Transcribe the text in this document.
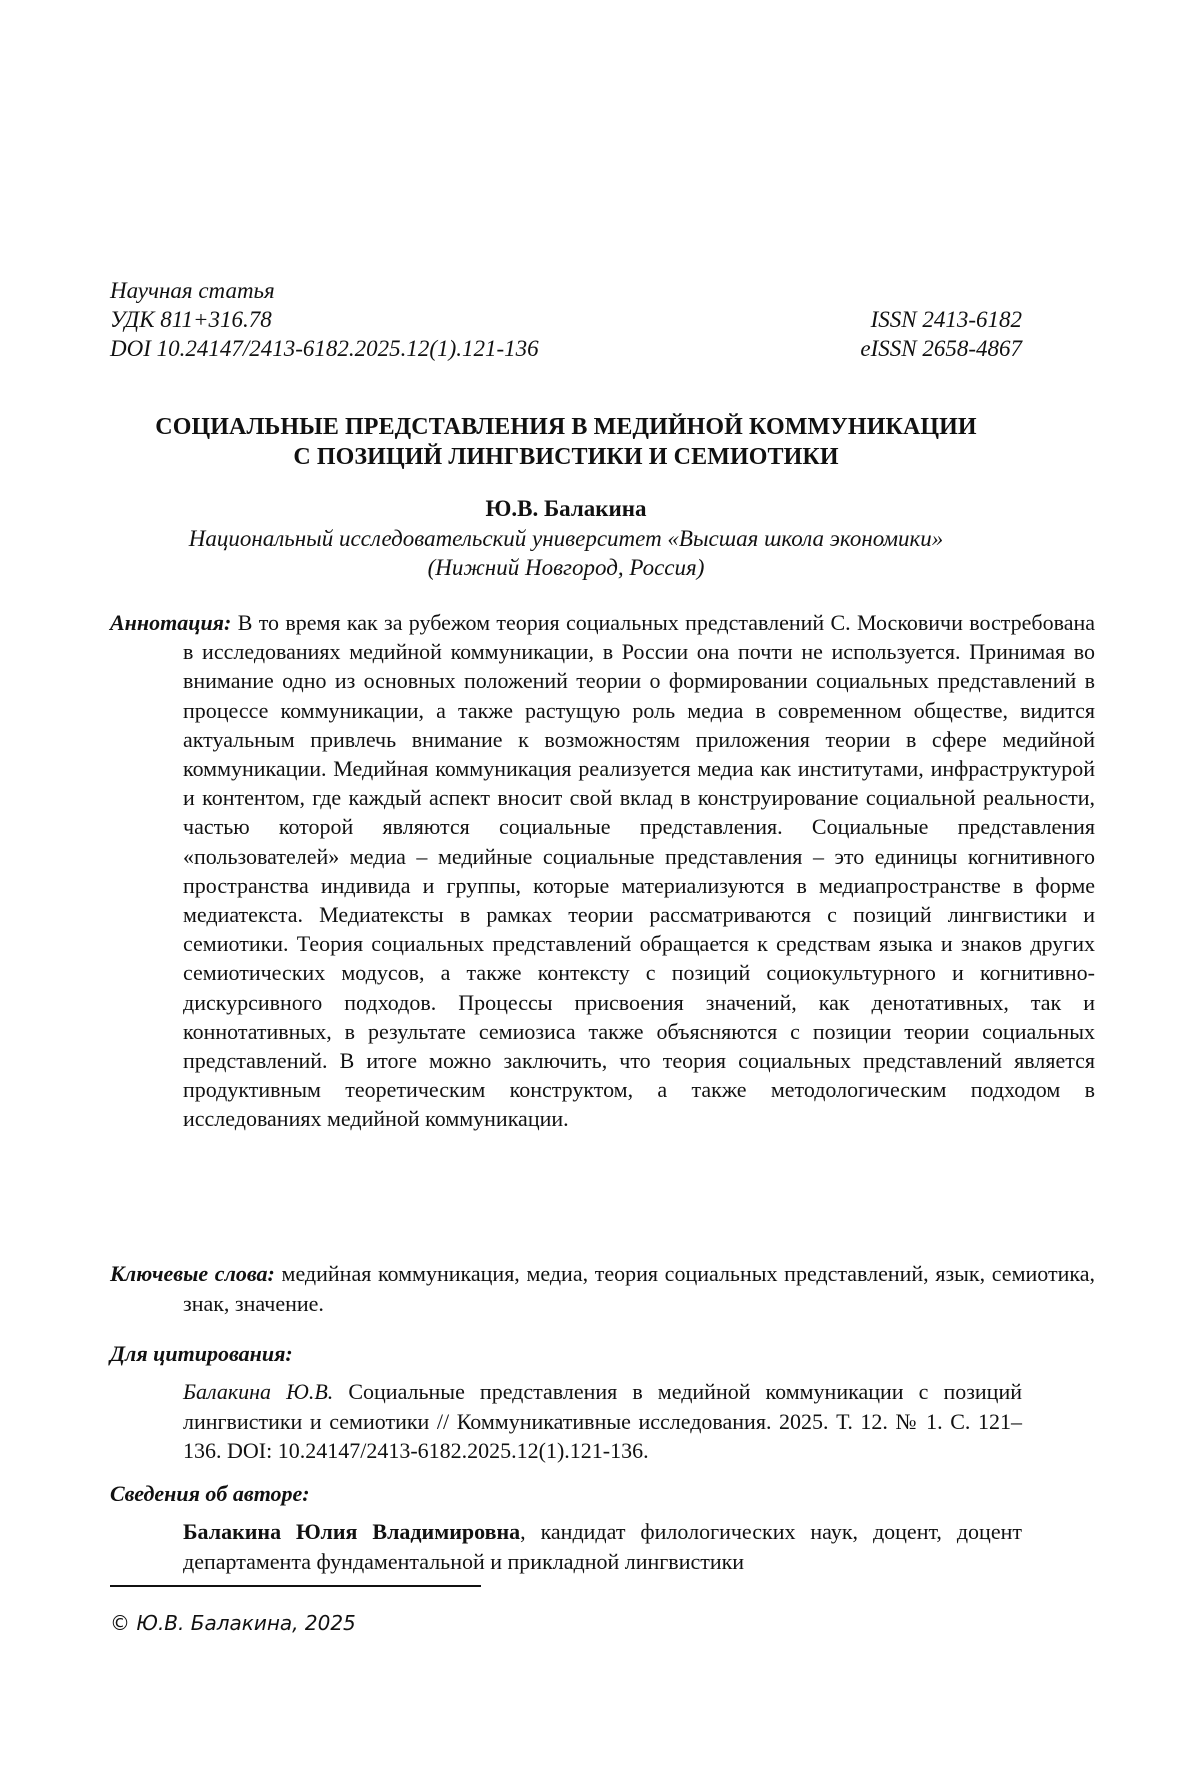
Научная статья
УДК 811+316.78	ISSN 2413-6182
DOI 10.24147/2413-6182.2025.12(1).121-136	eISSN 2658-4867
СОЦИАЛЬНЫЕ ПРЕДСТАВЛЕНИЯ В МЕДИЙНОЙ КОММУНИКАЦИИ
С ПОЗИЦИЙ ЛИНГВИСТИКИ И СЕМИОТИКИ
Ю.В. Балакина
Национальный исследовательский университет «Высшая школа экономики»
(Нижний Новгород, Россия)
Аннотация: В то время как за рубежом теория социальных представлений С. Московичи востребована в исследованиях медийной коммуникации, в России она почти не используется. Принимая во внимание одно из основных положений теории о формировании социальных представлений в процессе коммуникации, а также растущую роль медиа в современном обществе, видится актуальным привлечь внимание к возможностям приложения теории в сфере медийной коммуникации. Медийная коммуникация реализуется медиа как институтами, инфраструктурой и контентом, где каждый аспект вносит свой вклад в конструирование социальной реальности, частью которой являются социальные представления. Социальные представления «пользователей» медиа – медийные социальные представления – это единицы когнитивного пространства индивида и группы, которые материализуются в медиапространстве в форме медиатекста. Медиатексты в рамках теории рассматриваются с позиций лингвистики и семиотики. Теория социальных представлений обращается к средствам языка и знаков других семиотических модусов, а также контексту с позиций социокультурного и когнитивно-дискурсивного подходов. Процессы присвоения значений, как денотативных, так и коннотативных, в результате семиозиса также объясняются с позиции теории социальных представлений. В итоге можно заключить, что теория социальных представлений является продуктивным теоретическим конструктом, а также методологическим подходом в исследованиях медийной коммуникации.
Ключевые слова: медийная коммуникация, медиа, теория социальных представлений, язык, семиотика, знак, значение.
Для цитирования:
Балакина Ю.В. Социальные представления в медийной коммуникации с позиций лингвистики и семиотики // Коммуникативные исследования. 2025. Т. 12. № 1. С. 121–136. DOI: 10.24147/2413-6182.2025.12(1).121-136.
Сведения об авторе:
Балакина Юлия Владимировна, кандидат филологических наук, доцент, доцент департамента фундаментальной и прикладной лингвистики
© Ю.В. Балакина, 2025
